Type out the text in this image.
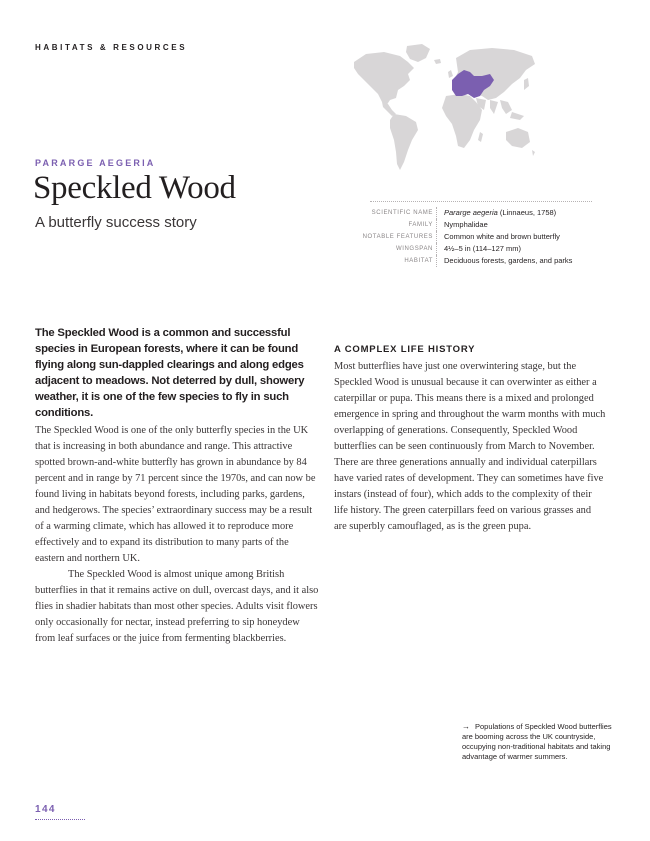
HABITATS & RESOURCES
PARARGE AEGERIA
Speckled Wood
A butterfly success story
SCIENTIFIC NAME		Pararge aegeria (Linnaeus, 1758)
FAMILY		Nymphalidae
NOTABLE FEATURES		Common white and brown butterfly
WINGSPAN		4½–5 in (114–127 mm)
HABITAT		Deciduous forests, gardens, and parks
The Speckled Wood is a common and successful species in European forests, where it can be found flying along sun-dappled clearings and along edges adjacent to meadows. Not deterred by dull, showery weather, it is one of the few species to fly in such conditions.

The Speckled Wood is one of the only butterfly species in the UK that is increasing in both abundance and range. This attractive spotted brown-and-white butterfly has grown in abundance by 84 percent and in range by 71 percent since the 1970s, and can now be found living in habitats beyond forests, including parks, gardens, and hedgerows. The species’ extraordinary success may be a result of a warming climate, which has allowed it to reproduce more effectively and to expand its distribution to many parts of the eastern and northern UK.

The Speckled Wood is almost unique among British butterflies in that it remains active on dull, overcast days, and it also flies in shadier habitats than most other species. Adults visit flowers only occasionally for nectar, instead preferring to sip honeydew from leaf surfaces or the juice from fermenting blackberries.

A COMPLEX LIFE HISTORY

Most butterflies have just one overwintering stage, but the Speckled Wood is unusual because it can overwinter as either a caterpillar or pupa. This means there is a mixed and prolonged emergence in spring and throughout the warm months with much overlapping of generations. Consequently, Speckled Wood butterflies can be seen continuously from March to November. There are three generations annually and individual caterpillars have varied rates of development. They can sometimes have five instars (instead of four), which adds to the complexity of their life history. The green caterpillars feed on various grasses and are superbly camouflaged, as is the green pupa.

→ Populations of Speckled Wood butterflies are booming across the UK countryside, occupying non-traditional habitats and taking advantage of warmer summers.
144
